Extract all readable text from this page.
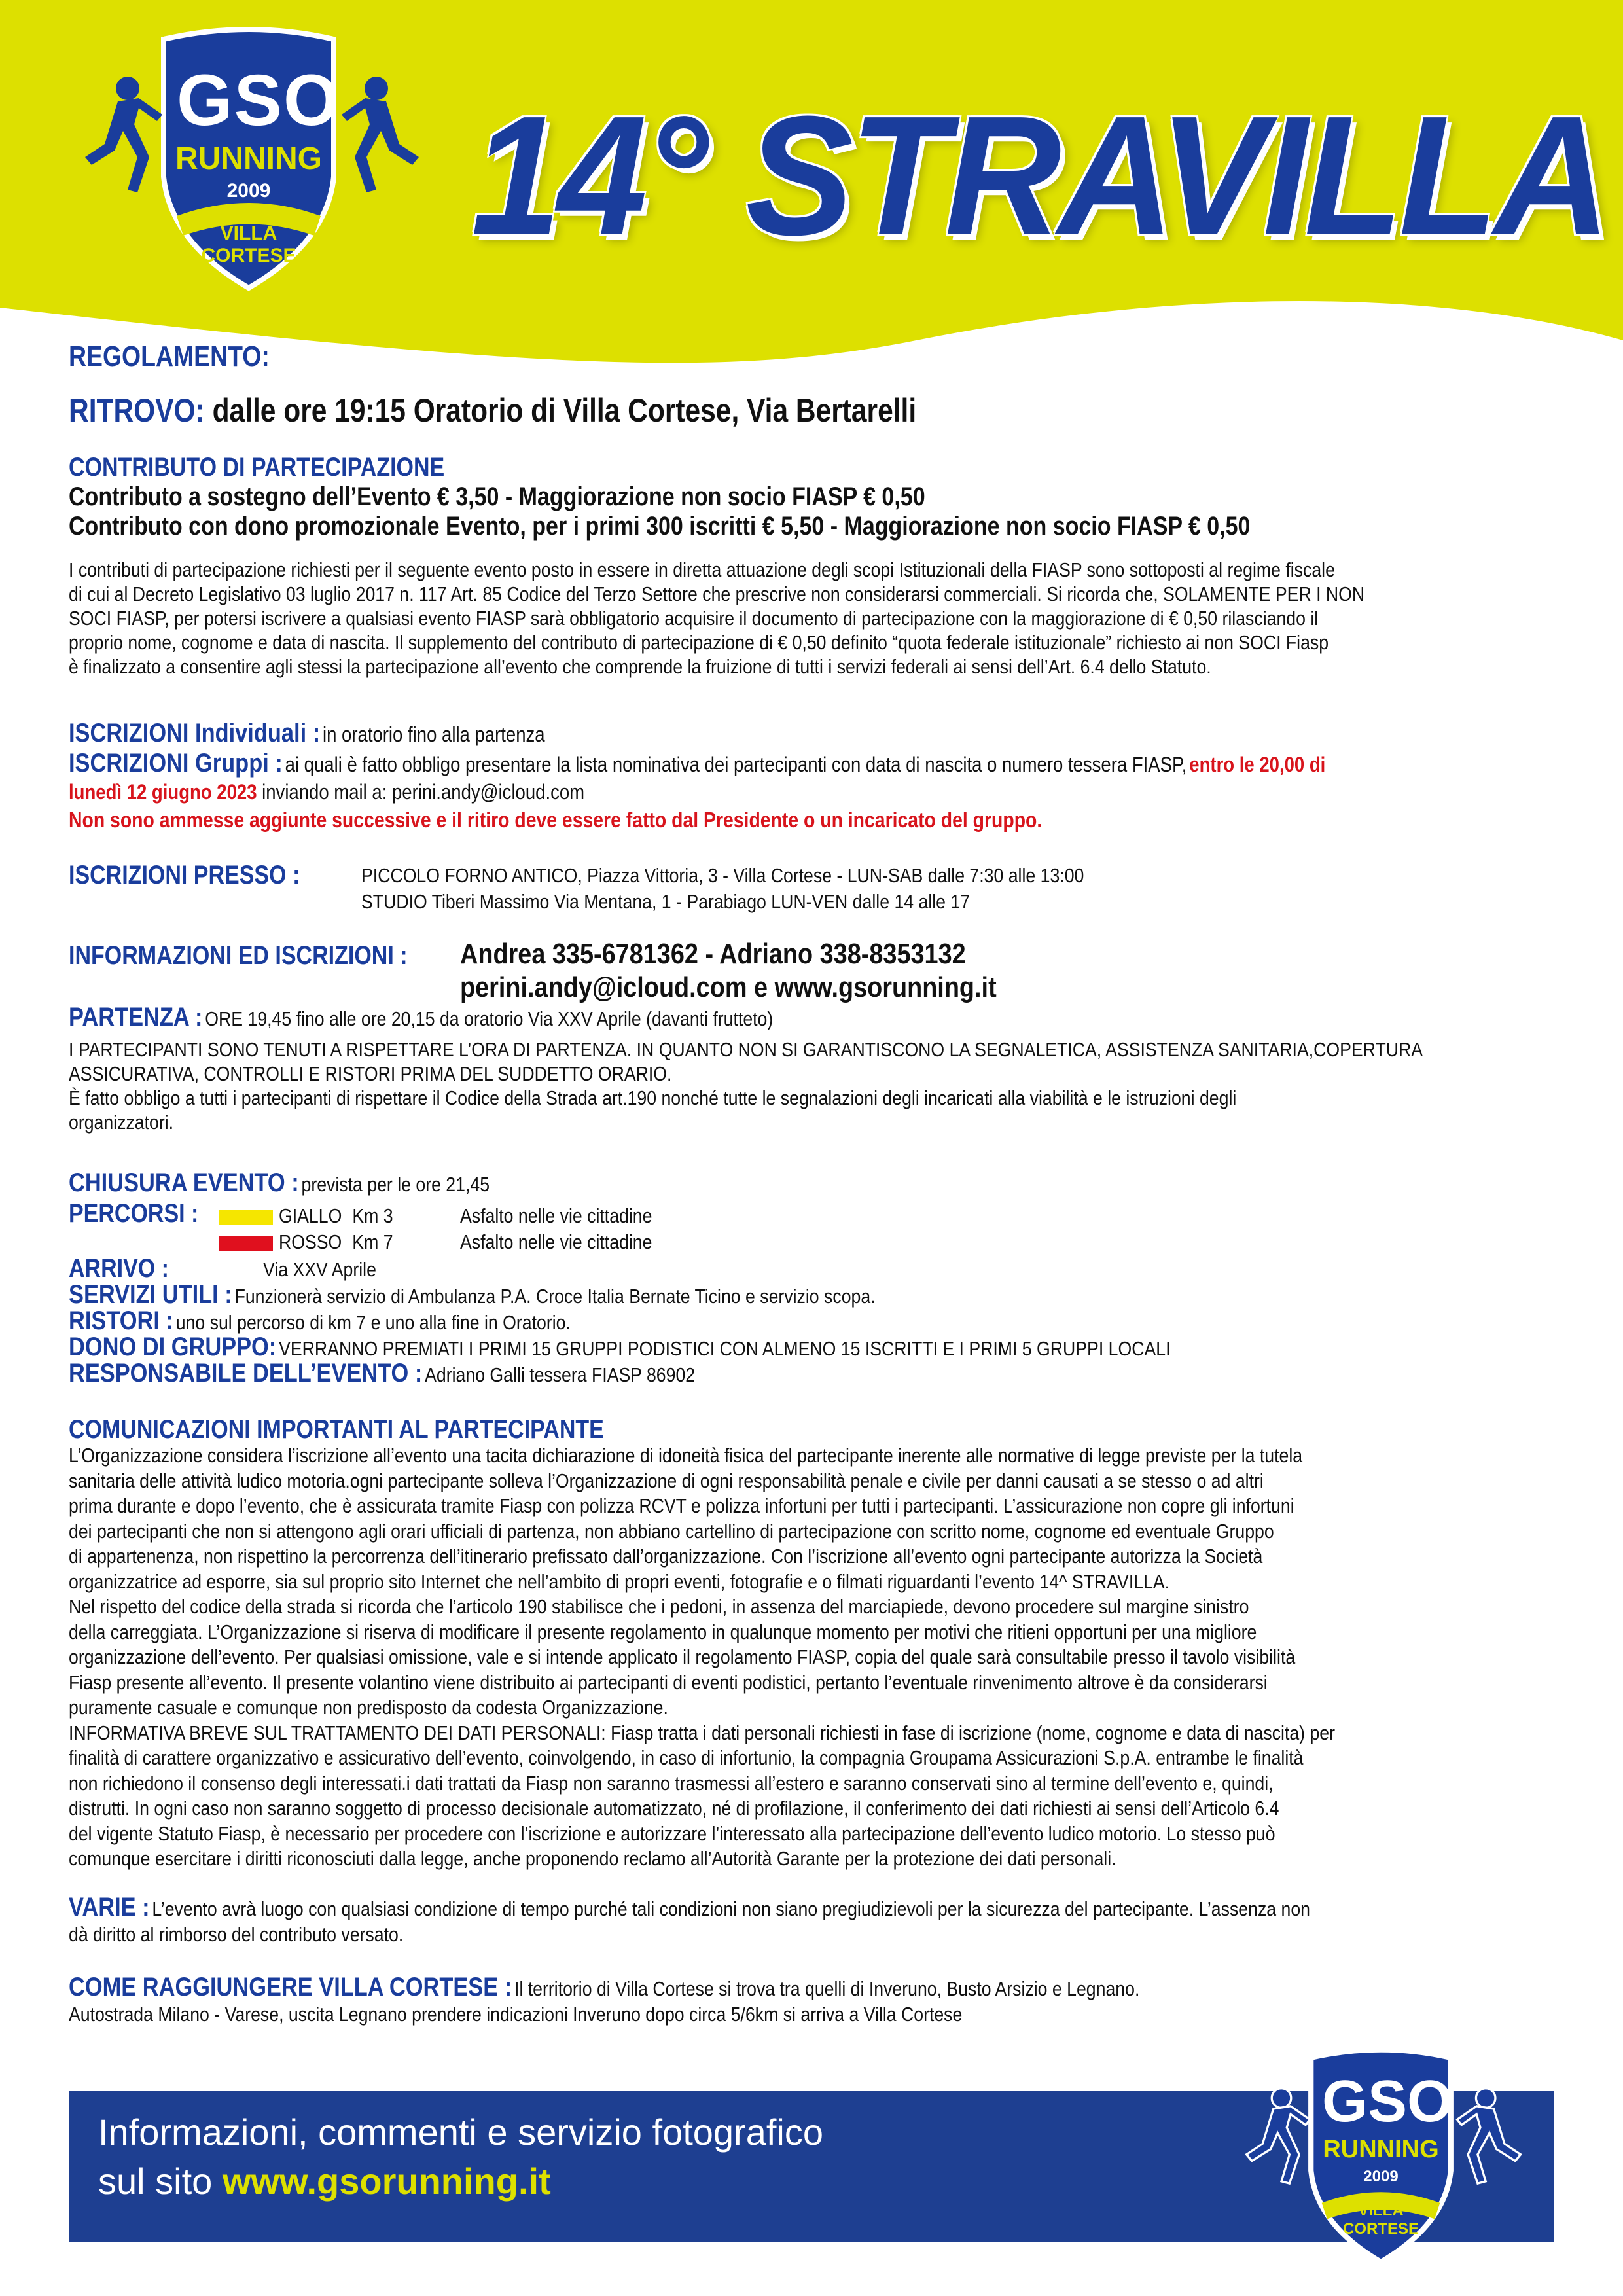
GSO
RUNNING
2009
VILLA CORTESE 14° STRAVILLA
REGOLAMENTO:
RITROVO: dalle ore 19:15 Oratorio di Villa Cortese, Via Bertarelli
CONTRIBUTO DI PARTECIPAZIONE
Contributo a sostegno dell’Evento € 3,50 - Maggiorazione non socio FIASP € 0,50
Contributo con dono promozionale Evento, per i primi 300 iscritti € 5,50 - Maggiorazione non socio FIASP € 0,50
I contributi di partecipazione richiesti per il seguente evento posto in essere in diretta attuazione degli scopi Istituzionali della FIASP sono sottoposti al regime fiscale
di cui al Decreto Legislativo 03 luglio 2017 n. 117 Art. 85 Codice del Terzo Settore che prescrive non considerarsi commerciali. Si ricorda che, SOLAMENTE PER I NON
SOCI FIASP, per potersi iscrivere a qualsiasi evento FIASP sarà obbligatorio acquisire il documento di partecipazione con la maggiorazione di € 0,50 rilasciando il
proprio nome, cognome e data di nascita. Il supplemento del contributo di partecipazione di € 0,50 definito “quota federale istituzionale” richiesto ai non SOCI Fiasp
è finalizzato a consentire agli stessi la partecipazione all’evento che comprende la fruizione di tutti i servizi federali ai sensi dell’Art. 6.4 dello Statuto.
ISCRIZIONI Individuali : in oratorio fino alla partenza
ISCRIZIONI Gruppi : ai quali è fatto obbligo presentare la lista nominativa dei partecipanti con data di nascita o numero tessera FIASP, entro le 20,00 di
lunedì 12 giugno 2023 inviando mail a: perini.andy@icloud.com
Non sono ammesse aggiunte successive e il ritiro deve essere fatto dal Presidente o un incaricato del gruppo.
ISCRIZIONI PRESSO :	PICCOLO FORNO ANTICO, Piazza Vittoria, 3 - Villa Cortese - LUN-SAB dalle 7:30 alle 13:00
STUDIO Tiberi Massimo Via Mentana, 1 - Parabiago LUN-VEN dalle 14 alle 17
INFORMAZIONI ED ISCRIZIONI : Andrea 335-6781362 - Adriano 338-8353132
perini.andy@icloud.com e www.gsorunning.it
PARTENZA : ORE 19,45 fino alle ore 20,15 da oratorio Via XXV Aprile (davanti frutteto)
I PARTECIPANTI SONO TENUTI A RISPETTARE L’ORA DI PARTENZA. IN QUANTO NON SI GARANTISCONO LA SEGNALETICA, ASSISTENZA SANITARIA,COPERTURA
ASSICURATIVA, CONTROLLI E RISTORI PRIMA DEL SUDDETTO ORARIO.
È fatto obbligo a tutti i partecipanti di rispettare il Codice della Strada art.190 nonché tutte le segnalazioni degli incaricati alla viabilità e le istruzioni degli
organizzatori.
CHIUSURA EVENTO : prevista per le ore 21,45
PERCORSI :	GIALLO Km 3	Asfalto nelle vie cittadine
ROSSO Km 7	Asfalto nelle vie cittadine
ARRIVO :	Via XXV Aprile
SERVIZI UTILI : Funzionerà servizio di Ambulanza P.A. Croce Italia Bernate Ticino e servizio scopa.
RISTORI : uno sul percorso di km 7 e uno alla fine in Oratorio.
DONO DI GRUPPO: VERRANNO PREMIATI I PRIMI 15 GRUPPI PODISTICI CON ALMENO 15 ISCRITTI E I PRIMI 5 GRUPPI LOCALI
RESPONSABILE DELL’EVENTO : Adriano Galli tessera FIASP 86902
COMUNICAZIONI IMPORTANTI AL PARTECIPANTE
L’Organizzazione considera l’iscrizione all’evento una tacita dichiarazione di idoneità fisica del partecipante inerente alle normative di legge previste per la tutela
sanitaria delle attività ludico motoria.ogni partecipante solleva l’Organizzazione di ogni responsabilità penale e civile per danni causati a se stesso o ad altri
prima durante e dopo l’evento, che è assicurata tramite Fiasp con polizza RCVT e polizza infortuni per tutti i partecipanti. L’assicurazione non copre gli infortuni
dei partecipanti che non si attengono agli orari ufficiali di partenza, non abbiano cartellino di partecipazione con scritto nome, cognome ed eventuale Gruppo
di appartenenza, non rispettino la percorrenza dell’itinerario prefissato dall’organizzazione. Con l’iscrizione all’evento ogni partecipante autorizza la Società
organizzatrice ad esporre, sia sul proprio sito Internet che nell’ambito di propri eventi, fotografie e o filmati riguardanti l’evento 14^ STRAVILLA.
Nel rispetto del codice della strada si ricorda che l’articolo 190 stabilisce che i pedoni, in assenza del marciapiede, devono procedere sul margine sinistro
della carreggiata. L’Organizzazione si riserva di modificare il presente regolamento in qualunque momento per motivi che ritieni opportuni per una migliore
organizzazione dell’evento. Per qualsiasi omissione, vale e si intende applicato il regolamento FIASP, copia del quale sarà consultabile presso il tavolo visibilità
Fiasp presente all’evento. Il presente volantino viene distribuito ai partecipanti di eventi podistici, pertanto l’eventuale rinvenimento altrove è da considerarsi
puramente casuale e comunque non predisposto da codesta Organizzazione.
INFORMATIVA BREVE SUL TRATTAMENTO DEI DATI PERSONALI: Fiasp tratta i dati personali richiesti in fase di iscrizione (nome, cognome e data di nascita) per
finalità di carattere organizzativo e assicurativo dell’evento, coinvolgendo, in caso di infortunio, la compagnia Groupama Assicurazioni S.p.A. entrambe le finalità
non richiedono il consenso degli interessati.i dati trattati da Fiasp non saranno trasmessi all’estero e saranno conservati sino al termine dell’evento e, quindi,
distrutti. In ogni caso non saranno soggetto di processo decisionale automatizzato, né di profilazione, il conferimento dei dati richiesti ai sensi dell’Articolo 6.4
del vigente Statuto Fiasp, è necessario per procedere con l’iscrizione e autorizzare l’interessato alla partecipazione dell’evento ludico motorio. Lo stesso può
comunque esercitare i diritti riconosciuti dalla legge, anche proponendo reclamo all’Autorità Garante per la protezione dei dati personali.
VARIE : L’evento avrà luogo con qualsiasi condizione di tempo purché tali condizioni non siano pregiudizievoli per la sicurezza del partecipante. L’assenza non
dà diritto al rimborso del contributo versato.
COME RAGGIUNGERE VILLA CORTESE : Il territorio di Villa Cortese si trova tra quelli di Inveruno, Busto Arsizio e Legnano.
Autostrada Milano - Varese, uscita Legnano prendere indicazioni Inveruno dopo circa 5/6km si arriva a Villa Cortese
Informazioni, commenti e servizio fotografico
sul sito www.gsorunning.it
GSO
RUNNING
2009
VILLA CORTESE
